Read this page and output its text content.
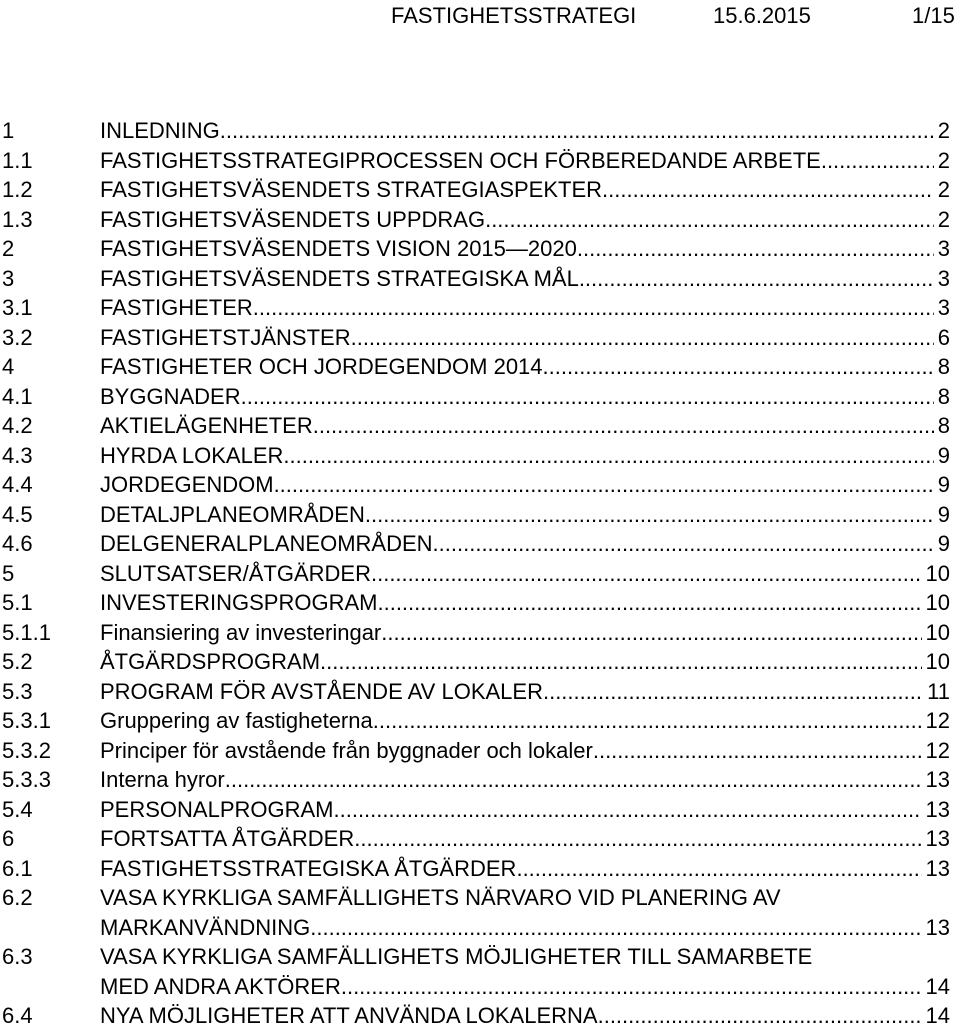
FASTIGHETSSTRATEGI	15.6.2015	1/15
1	INLEDNING .....	2
1.1	FASTIGHETSSTRATEGIPROCESSEN OCH FÖRBEREDANDE ARBETE .....	2
1.2	FASTIGHETSVÄSENDETS STRATEGIASPEKTER .....	2
1.3	FASTIGHETSVÄSENDETS UPPDRAG .....	2
2	FASTIGHETSVÄSENDETS VISION 2015—2020 .....	3
3	FASTIGHETSVÄSENDETS STRATEGISKA MÅL .....	3
3.1	FASTIGHETER .....	3
3.2	FASTIGHETSTJÄNSTER .....	6
4	FASTIGHETER OCH JORDEGENDOM 2014 .....	8
4.1	BYGGNADER .....	8
4.2	AKTIELÄGENHETER .....	8
4.3	HYRDA LOKALER .....	9
4.4	JORDEGENDOM .....	9
4.5	DETALJPLANEOMRÅDEN .....	9
4.6	DELGENERALPLANEOMRÅDEN .....	9
5	SLUTSATSER/ÅTGÄRDER .....	10
5.1	INVESTERINGSPROGRAM .....	10
5.1.1 Finansiering av investeringar .....	10
5.2	ÅTGÄRDSPROGRAM .....	10
5.3	PROGRAM FÖR AVSTÅENDE AV LOKALER .....	11
5.3.1 Gruppering av fastigheterna .....	12
5.3.2 Principer för avstående från byggnader och lokaler .....	12
5.3.3 Interna hyror .....	13
5.4	PERSONALPROGRAM .....	13
6	FORTSATTA ÅTGÄRDER .....	13
6.1	FASTIGHETSSTRATEGISKA ÅTGÄRDER .....	13
6.2	VASA KYRKLIGA SAMFÄLLIGHETS NÄRVARO VID PLANERING AV
MARKANVÄNDNING .....	13
6.3	VASA KYRKLIGA SAMFÄLLIGHETS MÖJLIGHETER TILL SAMARBETE
MED ANDRA AKTÖRER .....	14
6.4	NYA MÖJLIGHETER ATT ANVÄNDA LOKALERNA .....	14
